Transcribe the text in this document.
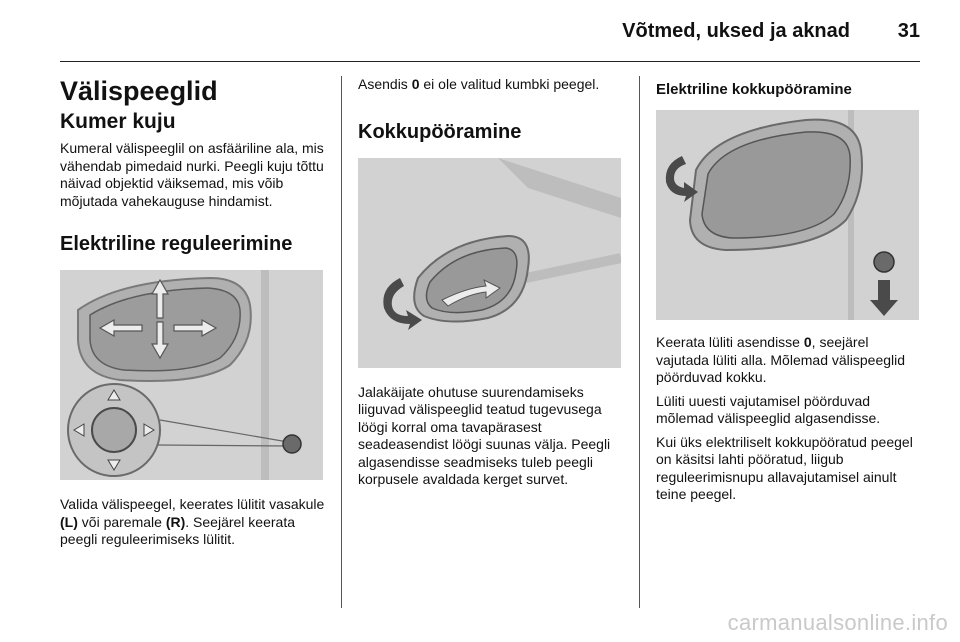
Võtmed, uksed ja aknad 31
Välispeeglid
Kumer kuju

Kumeral välispeeglil on asfääriline ala, mis vähendab pimedaid nurki. Peegli kuju tõttu näivad objektid väiksemad, mis võib mõjutada vahekauguse hindamist.

Elektriline reguleerimine

Valida välispeegel, keerates lülitit vasakule (L) või paremale (R). Seejärel keerata peegli reguleerimiseks lülitit.

Asendis 0 ei ole valitud kumbki peegel.

Kokkupööramine

Jalakäijate ohutuse suurendamiseks liiguvad välispeeglid teatud tugevusega löögi korral oma tavapärasest seadeasendist löögi suunas välja. Peegli algasendisse seadmiseks tuleb peegli korpusele avaldada kerget survet.

Elektriline kokkupööramine

Keerata lüliti asendisse 0, seejärel vajutada lüliti alla. Mõlemad välispeeglid pöörduvad kokku.

Lüliti uuesti vajutamisel pöörduvad mõlemad välispeeglid algasendisse.

Kui üks elektriliselt kokkupööratud peegel on käsitsi lahti pööratud, liigub reguleerimisnupu allavajutamisel ainult teine peegel.

carmanualsonline.info
